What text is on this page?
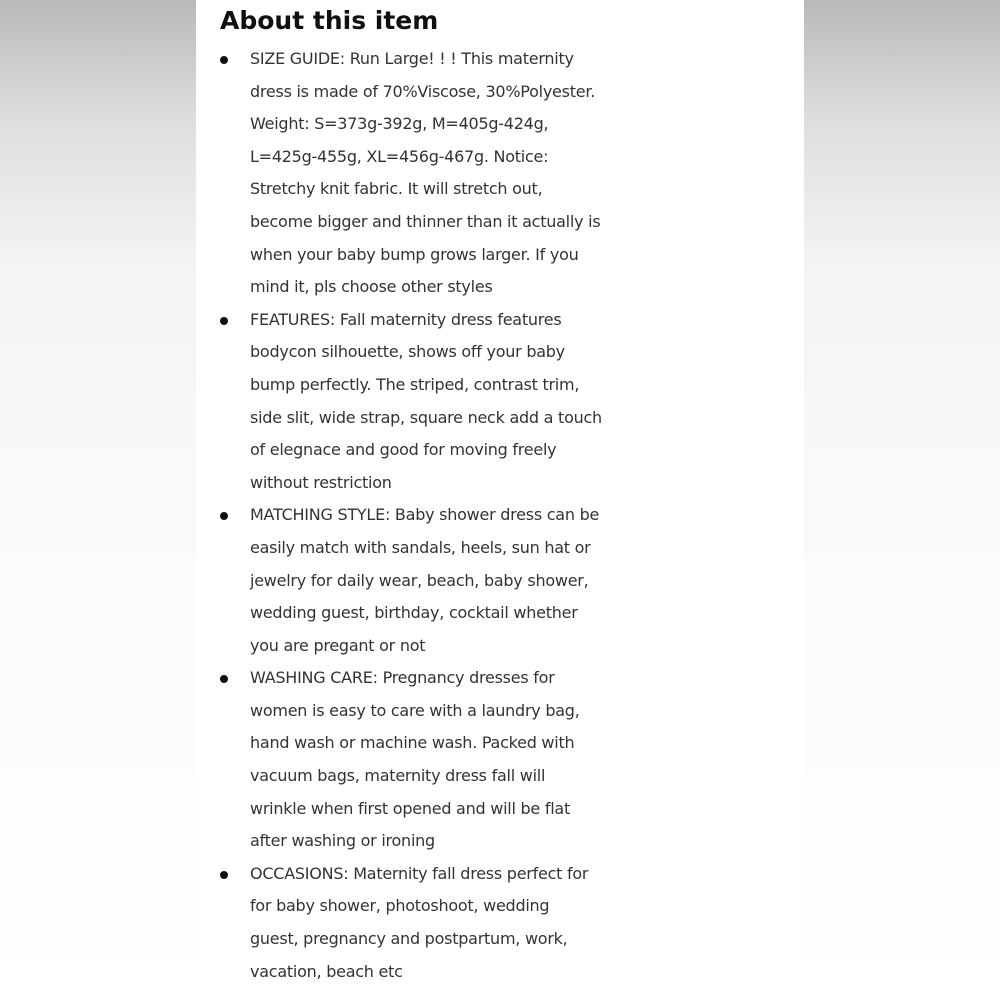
About this item
SIZE GUIDE: Run Large! ! ! This maternity
dress is made of 70%Viscose, 30%Polyester.
Weight: S=373g-392g, M=405g-424g,
L=425g-455g, XL=456g-467g. Notice:
Stretchy knit fabric. It will stretch out,
become bigger and thinner than it actually is
when your baby bump grows larger. If you
mind it, pls choose other styles
FEATURES: Fall maternity dress features
bodycon silhouette, shows off your baby
bump perfectly. The striped, contrast trim,
side slit, wide strap, square neck add a touch
of elegnace and good for moving freely
without restriction
MATCHING STYLE: Baby shower dress can be
easily match with sandals, heels, sun hat or
jewelry for daily wear, beach, baby shower,
wedding guest, birthday, cocktail whether
you are pregant or not
WASHING CARE: Pregnancy dresses for
women is easy to care with a laundry bag,
hand wash or machine wash. Packed with
vacuum bags, maternity dress fall will
wrinkle when first opened and will be flat
after washing or ironing
OCCASIONS: Maternity fall dress perfect for
for baby shower, photoshoot, wedding
guest, pregnancy and postpartum, work,
vacation, beach etc
